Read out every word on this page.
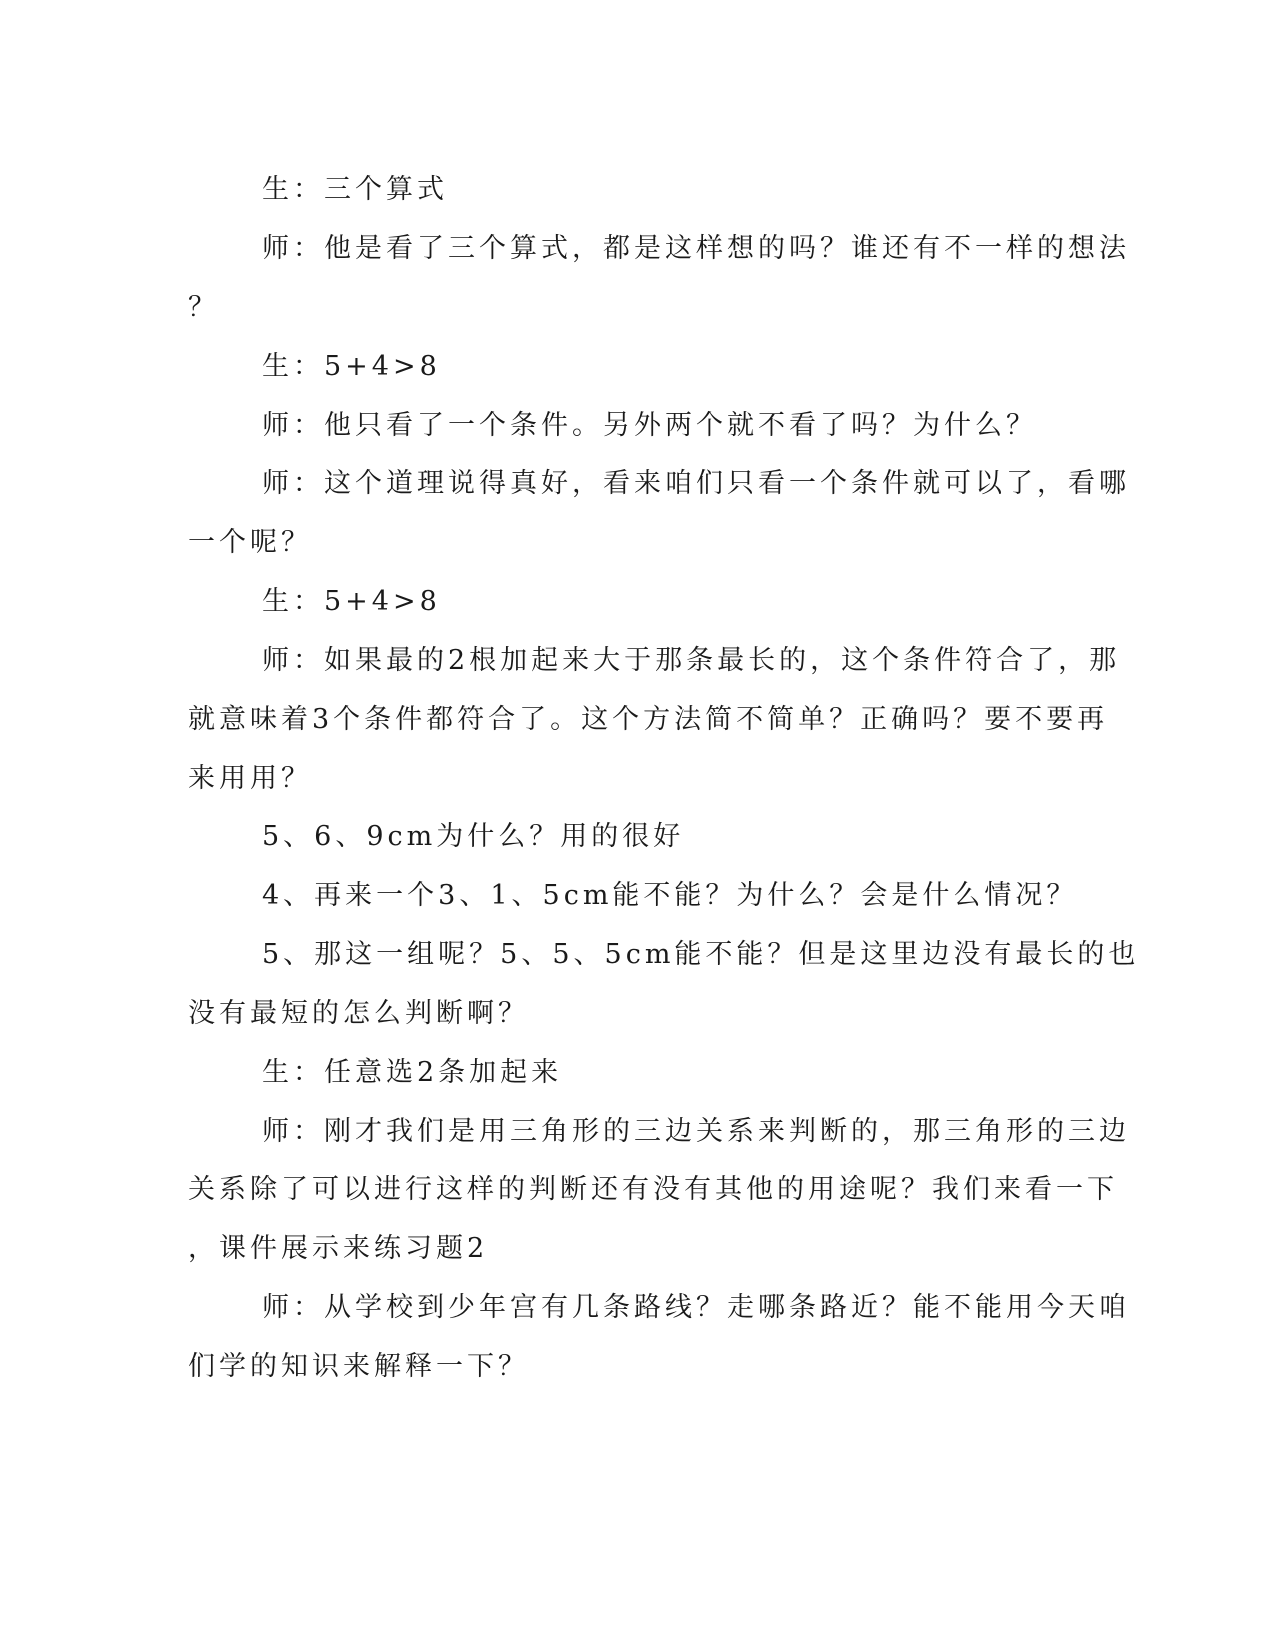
生：三个算式
师：他是看了三个算式，都是这样想的吗？谁还有不一样的想法
？
生：5+4>8
师：他只看了一个条件。另外两个就不看了吗？为什么？
师：这个道理说得真好，看来咱们只看一个条件就可以了，看哪
一个呢？
生：5+4>8
师：如果最的2根加起来大于那条最长的，这个条件符合了，那
就意味着3个条件都符合了。这个方法简不简单？正确吗？要不要再
来用用？
5、6、9cm为什么？用的很好
4、再来一个3、1、5cm能不能？为什么？会是什么情况？
5、那这一组呢？5、5、5cm能不能？但是这里边没有最长的也
没有最短的怎么判断啊？
生：任意选2条加起来
师：刚才我们是用三角形的三边关系来判断的，那三角形的三边
关系除了可以进行这样的判断还有没有其他的用途呢？我们来看一下
，课件展示来练习题2
师：从学校到少年宫有几条路线？走哪条路近？能不能用今天咱
们学的知识来解释一下？
